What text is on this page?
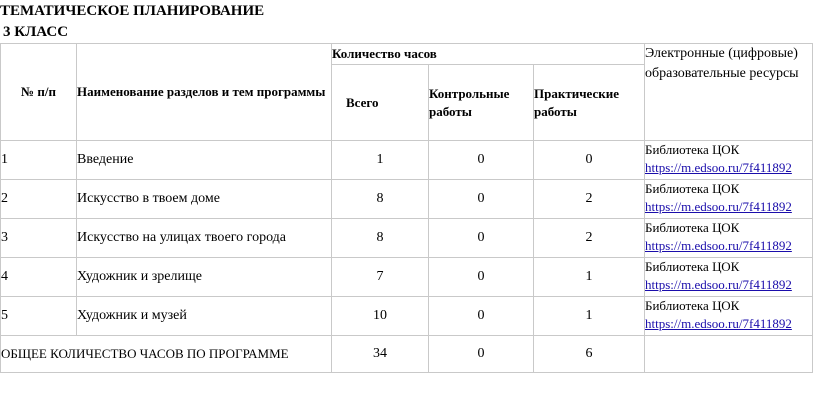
ТЕМАТИЧЕСКОЕ ПЛАНИРОВАНИЕ
3 КЛАСС
№ п/п	Наименование разделов и тем программы	Количество часов			Электронные (цифровые) образовательные ресурсы
		Всего	Контрольные работы	Практические работы	
1	Введение	1	0	0	Библиотека ЦОК
https://m.edsoo.ru/7f411892
2	Искусство в твоем доме	8	0	2	Библиотека ЦОК
https://m.edsoo.ru/7f411892
3	Искусство на улицах твоего города	8	0	2	Библиотека ЦОК
https://m.edsoo.ru/7f411892
4	Художник и зрелище	7	0	1	Библиотека ЦОК
https://m.edsoo.ru/7f411892
5	Художник и музей	10	0	1	Библиотека ЦОК
https://m.edsoo.ru/7f411892
ОБЩЕЕ КОЛИЧЕСТВО ЧАСОВ ПО ПРОГРАММЕ		34	0	6	
